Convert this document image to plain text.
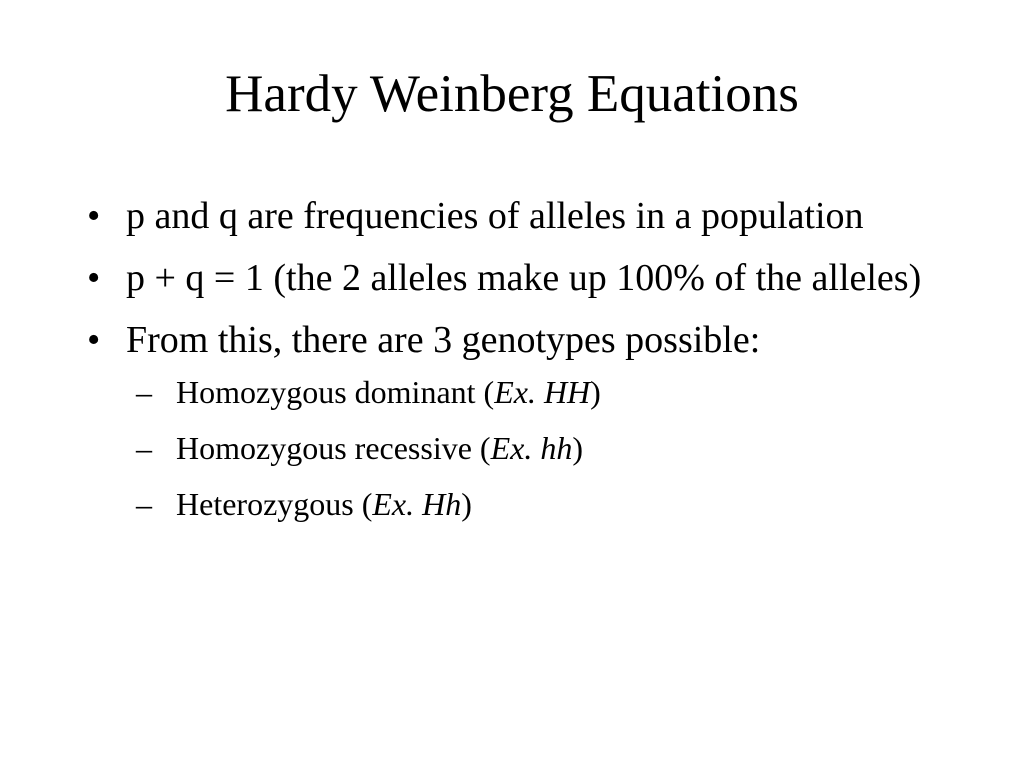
Hardy Weinberg Equations
• p and q are frequencies of alleles in a population
• p + q = 1 (the 2 alleles make up 100% of the alleles)
• From this, there are 3 genotypes possible:
– Homozygous dominant (Ex. HH)
– Homozygous recessive (Ex. hh)
– Heterozygous (Ex. Hh)
